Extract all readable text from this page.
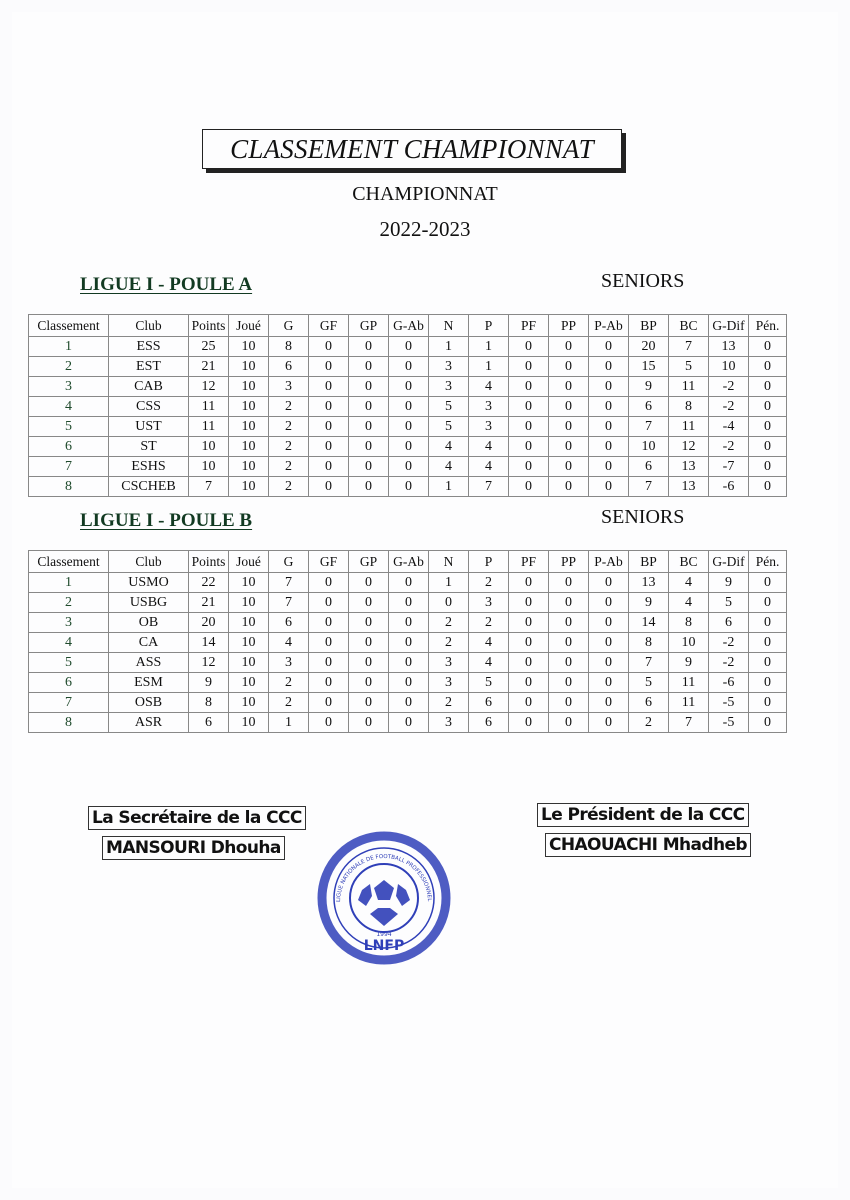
CLASSEMENT CHAMPIONNAT
CHAMPIONNAT
2022-2023
LIGUE I - POULE A	SENIORS
Classement	Club	Points	Joué	G	GF	GP	G-Ab	N	P	PF	PP	P-Ab	BP	BC	G-Dif	Pén.
1	ESS	25	10	8	0	0	0	1	1	0	0	0	20	7	13	0
2	EST	21	10	6	0	0	0	3	1	0	0	0	15	5	10	0
3	CAB	12	10	3	0	0	0	3	4	0	0	0	9	11	-2	0
4	CSS	11	10	2	0	0	0	5	3	0	0	0	6	8	-2	0
5	UST	11	10	2	0	0	0	5	3	0	0	0	7	11	-4	0
6	ST	10	10	2	0	0	0	4	4	0	0	0	10	12	-2	0
7	ESHS	10	10	2	0	0	0	4	4	0	0	0	6	13	-7	0
8	CSCHEB	7	10	2	0	0	0	1	7	0	0	0	7	13	-6	0
LIGUE I - POULE B	SENIORS
Classement	Club	Points	Joué	G	GF	GP	G-Ab	N	P	PF	PP	P-Ab	BP	BC	G-Dif	Pén.
1	USMO	22	10	7	0	0	0	1	2	0	0	0	13	4	9	0
2	USBG	21	10	7	0	0	0	0	3	0	0	0	9	4	5	0
3	OB	20	10	6	0	0	0	2	2	0	0	0	14	8	6	0
4	CA	14	10	4	0	0	0	2	4	0	0	0	8	10	-2	0
5	ASS	12	10	3	0	0	0	3	4	0	0	0	7	9	-2	0
6	ESM	9	10	2	0	0	0	3	5	0	0	0	5	11	-6	0
7	OSB	8	10	2	0	0	0	2	6	0	0	0	6	11	-5	0
8	ASR	6	10	1	0	0	0	3	6	0	0	0	2	7	-5	0
La Secrétaire de la CCC
MANSOURI Dhouha
Le Président de la CCC
CHAOUACHI Mhadheb
LNFP
1994
LIGUE NATIONALE DE FOOTBALL PROFESSIONNEL
